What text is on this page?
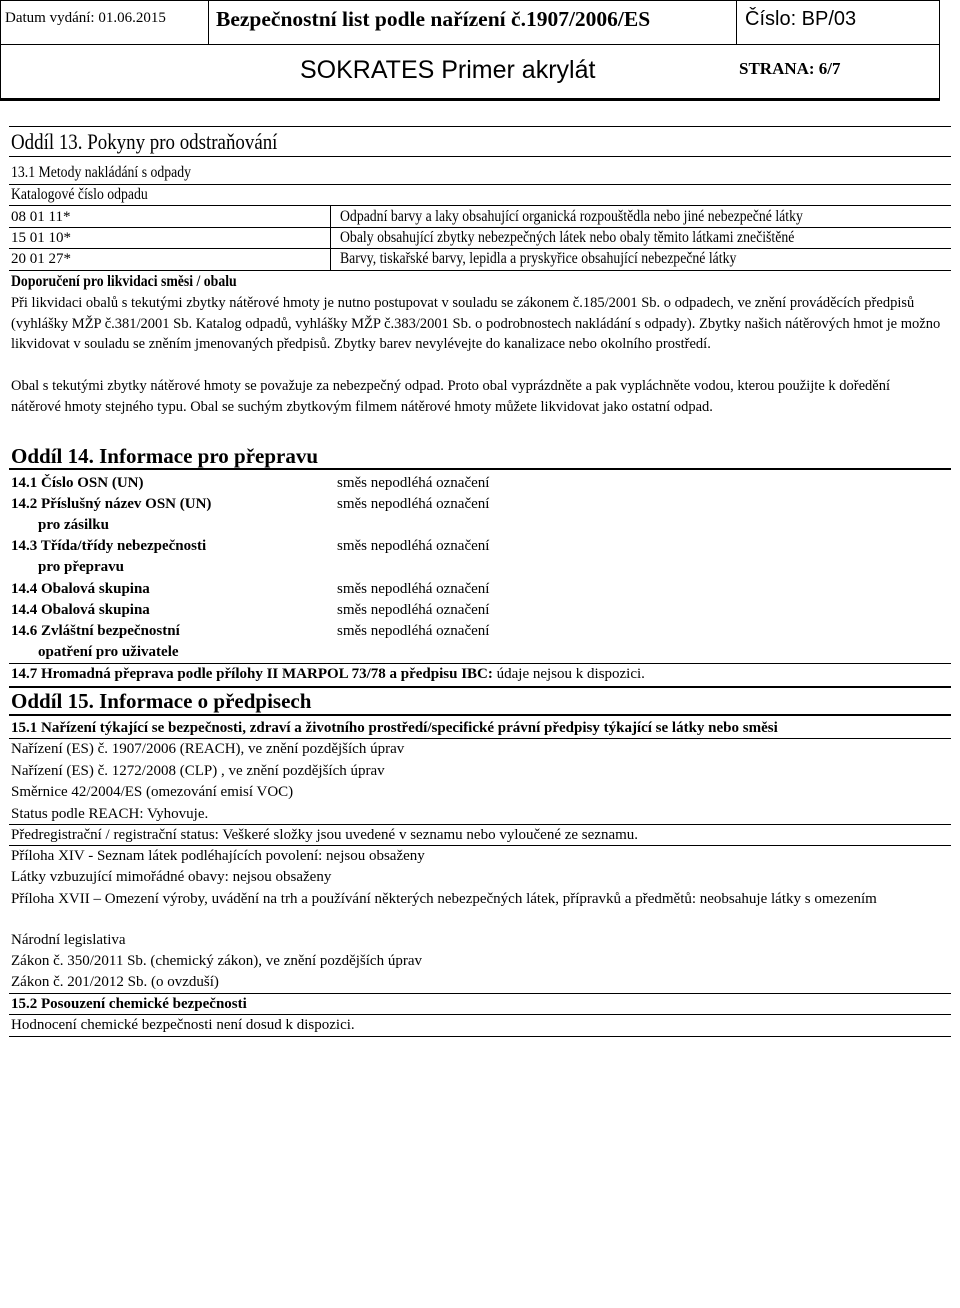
Datum vydání: 01.06.2015 Bezpečnostní list podle nařízení č.1907/2006/ES	Číslo: BP/03
SOKRATES Primer akrylát	STRANA: 6/7
Oddíl 13. Pokyny pro odstraňování
13.1 Metody nakládání s odpady
Katalogové číslo odpadu
08 01 11*	Odpadní barvy a laky obsahující organická rozpouštědla nebo jiné nebezpečné látky
15 01 10*	Obaly obsahující zbytky nebezpečných látek nebo obaly těmito látkami znečištěné
20 01 27*	Barvy, tiskařské barvy, lepidla a pryskyřice obsahující nebezpečné látky
Doporučení pro likvidaci směsi / obalu
Při likvidaci obalů s tekutými zbytky nátěrové hmoty je nutno postupovat v souladu se zákonem č.185/2001 Sb. o odpadech, ve znění prováděcích předpisů (vyhlášky MŽP č.381/2001 Sb. Katalog odpadů, vyhlášky MŽP č.383/2001 Sb. o podrobnostech nakládání s odpady). Zbytky našich nátěrových hmot je možno likvidovat v souladu se zněním jmenovaných předpisů. Zbytky barev nevylévejte do kanalizace nebo okolního prostředí.
Obal s tekutými zbytky nátěrové hmoty se považuje za nebezpečný odpad. Proto obal vyprázdněte a pak vypláchněte vodou, kterou použijte k doředění nátěrové hmoty stejného typu. Obal se suchým zbytkovým filmem nátěrové hmoty můžete likvidovat jako ostatní odpad.
Oddíl 14. Informace pro přepravu
14.1 Číslo OSN (UN)	směs nepodléhá označení
14.2 Příslušný název OSN (UN)
pro zásilku
směs nepodléhá označení
14.3 Třída/třídy nebezpečnosti
pro přepravu
směs nepodléhá označení
14.4 Obalová skupina	směs nepodléhá označení
14.4 Obalová skupina	směs nepodléhá označení
14.6 Zvláštní bezpečnostní
opatření pro uživatele
směs nepodléhá označení
14.7 Hromadná přeprava podle přílohy II MARPOL 73/78 a předpisu IBC: údaje nejsou k dispozici.
Oddíl 15. Informace o předpisech
15.1 Nařízení týkající se bezpečnosti, zdraví a životního prostředí/specifické právní předpisy týkající se látky nebo směsi
Nařízení (ES) č. 1907/2006 (REACH), ve znění pozdějších úprav
Nařízení (ES) č. 1272/2008 (CLP) , ve znění pozdějších úprav
Směrnice 42/2004/ES (omezování emisí VOC)
Status podle REACH: Vyhovuje.
Předregistrační / registrační status: Veškeré složky jsou uvedené v seznamu nebo vyloučené ze seznamu.
Příloha XIV - Seznam látek podléhajících povolení: nejsou obsaženy
Látky vzbuzující mimořádné obavy: nejsou obsaženy
Příloha XVII – Omezení výroby, uvádění na trh a používání některých nebezpečných látek, přípravků a předmětů: neobsahuje látky s omezením
Národní legislativa
Zákon č. 350/2011 Sb. (chemický zákon), ve znění pozdějších úprav
Zákon č. 201/2012 Sb. (o ovzduší)
15.2 Posouzení chemické bezpečnosti
Hodnocení chemické bezpečnosti není dosud k dispozici.
